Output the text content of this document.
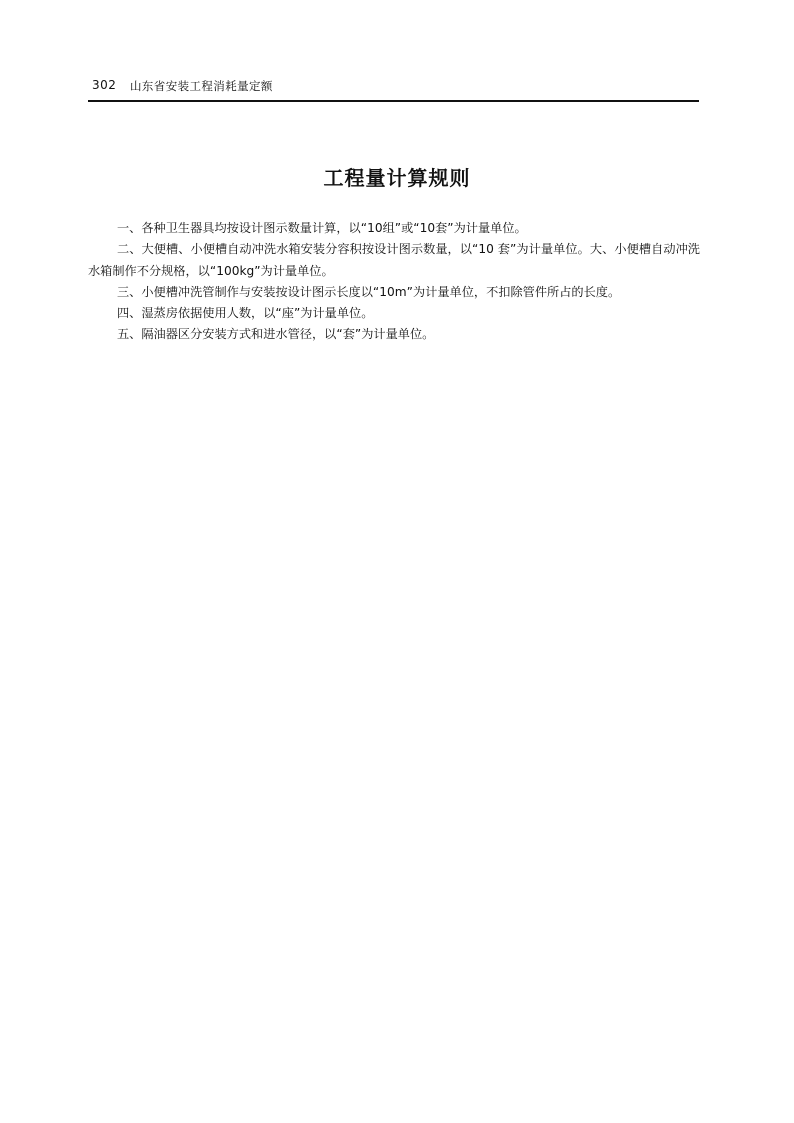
302 山东省安装工程消耗量定额
工程量计算规则

一、各种卫生器具均按设计图示数量计算，以“10组”或“10套”为计量单位。

二、大便槽、小便槽自动冲洗水箱安装分容积按设计图示数量，以“10 套”为计量单位。大、小便槽自动冲洗水箱制作不分规格，以“100kg”为计量单位。

三、小便槽冲洗管制作与安装按设计图示长度以“10m”为计量单位，不扣除管件所占的长度。

四、湿蒸房依据使用人数，以“座”为计量单位。

五、隔油器区分安装方式和进水管径，以“套”为计量单位。
